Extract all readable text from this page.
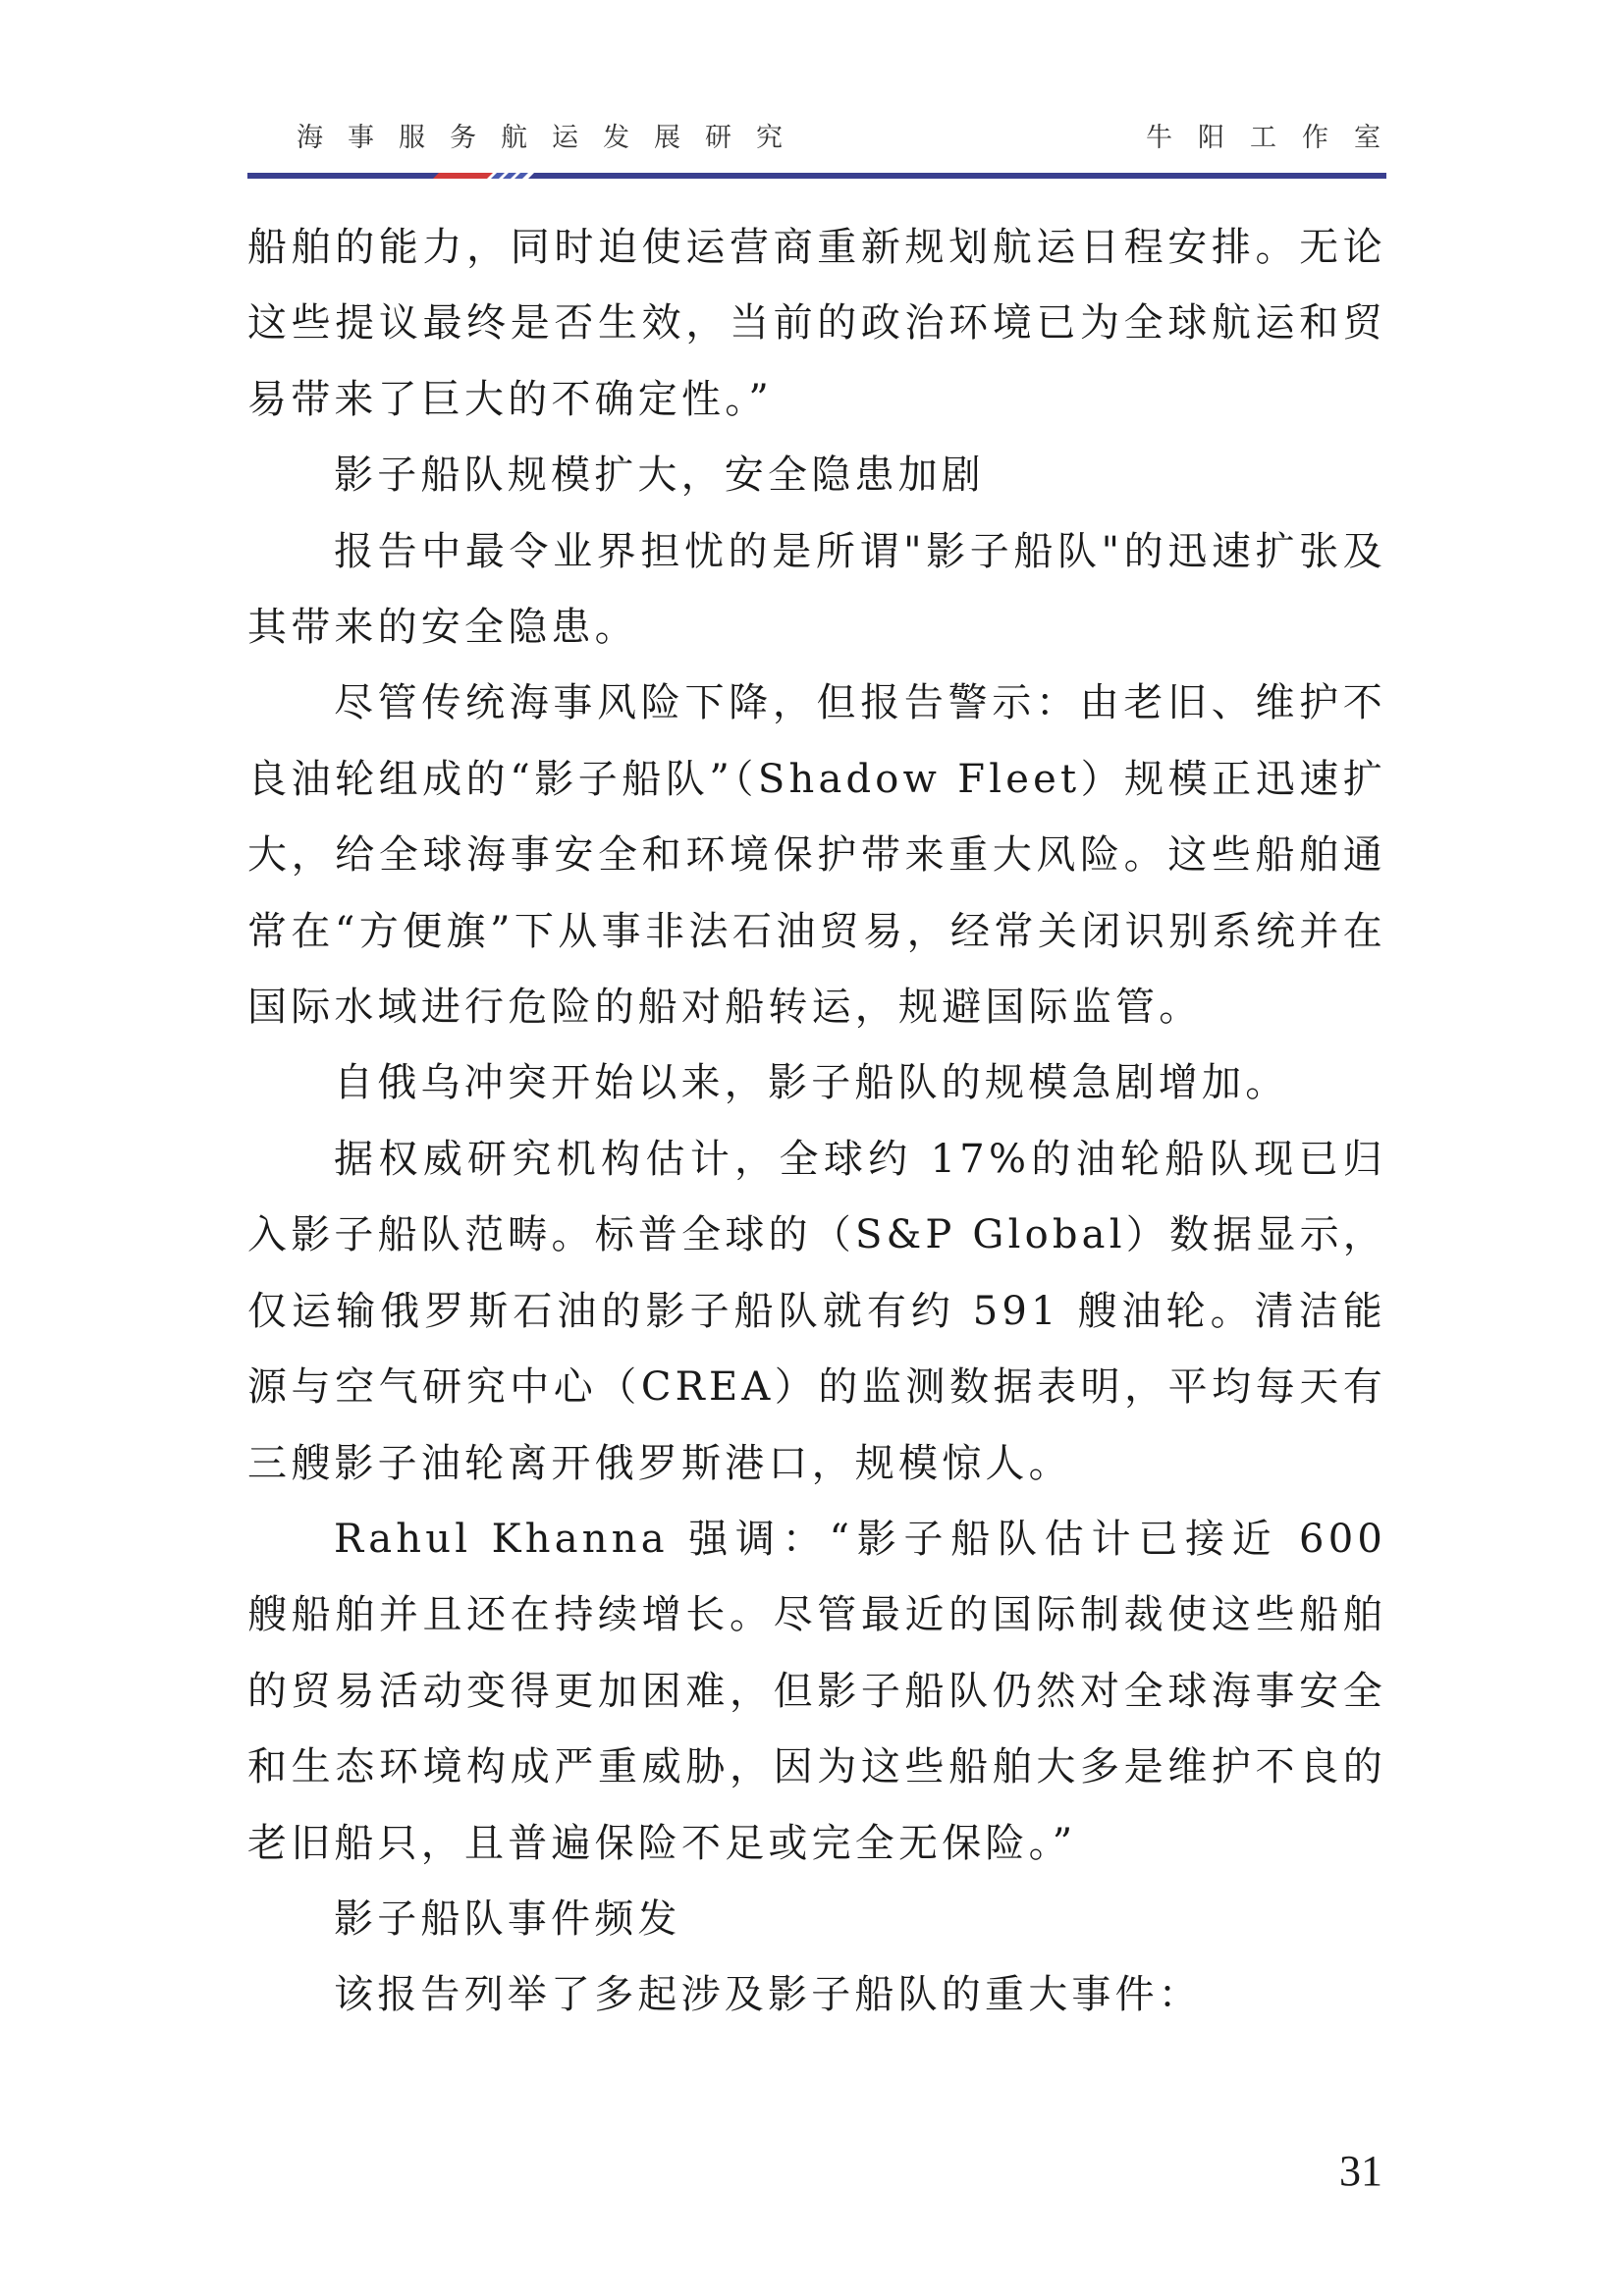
海事服务航运发展研究	牛阳工作室

船舶的能力，同时迫使运营商重新规划航运日程安排。无论这些提议最终是否生效，当前的政治环境已为全球航运和贸易带来了巨大的不确定性。”

影子船队规模扩大，安全隐患加剧

报告中最令业界担忧的是所谓"影子船队"的迅速扩张及其带来的安全隐患。

尽管传统海事风险下降，但报告警示：由老旧、维护不良油轮组成的“影子船队”（Shadow Fleet）规模正迅速扩大，给全球海事安全和环境保护带来重大风险。这些船舶通常在“方便旗”下从事非法石油贸易，经常关闭识别系统并在国际水域进行危险的船对船转运，规避国际监管。

自俄乌冲突开始以来，影子船队的规模急剧增加。

据权威研究机构估计，全球约 17%的油轮船队现已归入影子船队范畴。标普全球的（S&P Global）数据显示，仅运输俄罗斯石油的影子船队就有约 591 艘油轮。清洁能源与空气研究中心（CREA）的监测数据表明，平均每天有三艘影子油轮离开俄罗斯港口，规模惊人。

Rahul Khanna 强调：“影子船队估计已接近 600 艘船舶并且还在持续增长。尽管最近的国际制裁使这些船舶的贸易活动变得更加困难，但影子船队仍然对全球海事安全和生态环境构成严重威胁，因为这些船舶大多是维护不良的老旧船只，且普遍保险不足或完全无保险。”

影子船队事件频发

该报告列举了多起涉及影子船队的重大事件：

31
